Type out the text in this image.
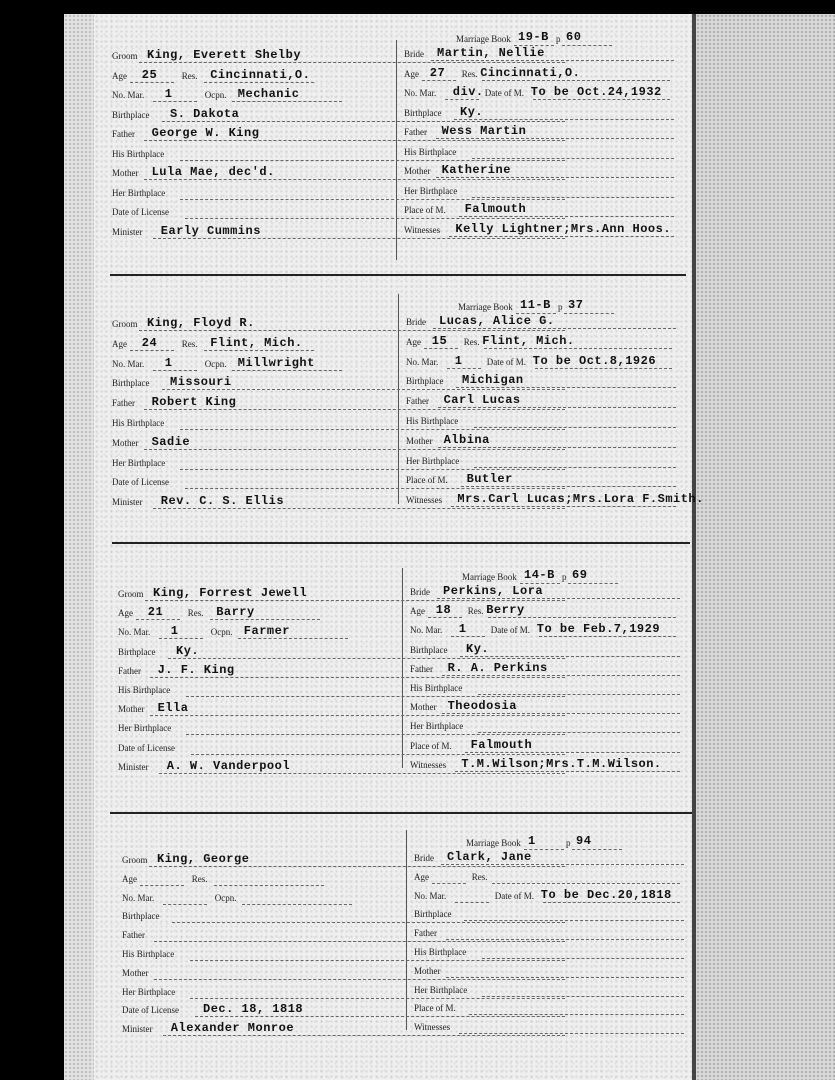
Groom King, Everett Shelby
Age 25	Res. Cincinnati,O.
No. Mar. 1	Ocpn. Mechanic
Birthplace S. Dakota
Father George W. King
His Birthplace
Mother Lula Mae, dec'd.
Her Birthplace
Date of License
Minister Early Cummins
Marriage Book 19-B p 60
Bride Martin, Nellie
Age 27 Res. Cincinnati,O.
No. Mar. div. Date of M. To be Oct.24,1932
Birthplace Ky.
Father Wess Martin
His Birthplace
Mother Katherine
Her Birthplace
Place of M. Falmouth
Witnesses Kelly Lightner;Mrs.Ann Hoos.
Groom King, Floyd R.
Age 24	Res. Flint, Mich.
No. Mar. 1	Ocpn. Millwright
Birthplace Missouri
Father Robert King
His Birthplace
Mother Sadie
Her Birthplace
Date of License
Minister Rev. C. S. Ellis
Marriage Book 11-B p 37
Bride Lucas, Alice G.
Age 15 Res. Flint, Mich.
No. Mar. 1	Date of M. To be Oct.8,1926
Birthplace Michigan
Father Carl Lucas
His Birthplace
Mother Albina
Her Birthplace
Place of M. Butler
Witnesses Mrs.Carl Lucas;Mrs.Lora F.Smith.
Groom King, Forrest Jewell
Age 21	Res. Barry
No. Mar. 1	Ocpn. Farmer
Birthplace Ky.
Father J. F. King
His Birthplace
Mother Ella
Her Birthplace
Date of License
Minister A. W. Vanderpool
Marriage Book 14-B p 69
Bride Perkins, Lora
Age 18 Res. Berry
No. Mar. 1	Date of M. To be Feb.7,1929
Birthplace Ky.
Father R. A. Perkins
His Birthplace
Mother Theodosia
Her Birthplace
Place of M. Falmouth
Witnesses T.M.Wilson;Mrs.T.M.Wilson.
Groom King, George
Age	Res.
No. Mar.	Ocpn.
Birthplace
Father
His Birthplace
Mother
Her Birthplace
Date of License Dec. 18, 1818
Minister Alexander Monroe
Marriage Book 1	p 94
Bride Clark, Jane
Age	Res.
No. Mar.	Date of M. To be Dec.20,1818
Birthplace
Father
His Birthplace
Mother
Her Birthplace
Place of M.
Witnesses
